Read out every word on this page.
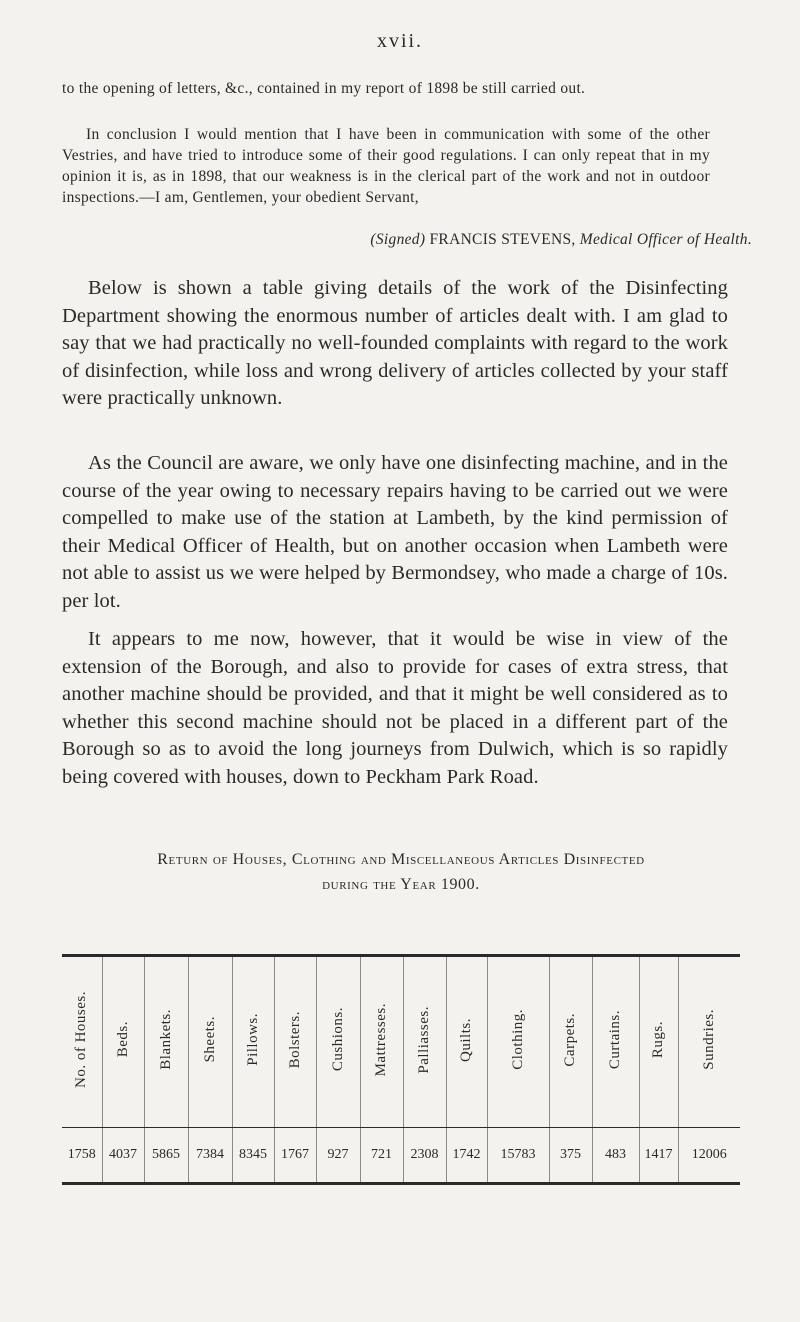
xvii.

to the opening of letters, &c., contained in my report of 1898 be still carried out.

In conclusion I would mention that I have been in communication with some of the other Vestries, and have tried to introduce some of their good regulations. I can only repeat that in my opinion it is, as in 1898, that our weakness is in the clerical part of the work and not in outdoor inspections.—I am, Gentlemen, your obedient Servant,

(Signed) FRANCIS STEVENS, Medical Officer of Health.

Below is shown a table giving details of the work of the Disinfecting Department showing the enormous number of articles dealt with. I am glad to say that we had practically no well-founded complaints with regard to the work of disinfection, while loss and wrong delivery of articles collected by your staff were practically unknown.

As the Council are aware, we only have one disinfecting machine, and in the course of the year owing to necessary repairs having to be carried out we were compelled to make use of the station at Lambeth, by the kind permission of their Medical Officer of Health, but on another occasion when Lambeth were not able to assist us we were helped by Bermondsey, who made a charge of 10s. per lot.

It appears to me now, however, that it would be wise in view of the extension of the Borough, and also to provide for cases of extra stress, that another machine should be provided, and that it might be well considered as to whether this second machine should not be placed in a different part of the Borough so as to avoid the long journeys from Dulwich, which is so rapidly being covered with houses, down to Peckham Park Road.

Return of Houses, Clothing and Miscellaneous Articles Disinfected
during the Year 1900.
No. of Houses.	Beds.	Blankets.	Sheets.	Pillows.	Bolsters.	Cushions.	Mattresses.	Palliasses.	Quilts.	Clothing.	Carpets.	Curtains.	Rugs.	Sundries.
1758	4037	5865	7384	8345	1767	927	721	2308	1742	15783	375	483	1417	12006
